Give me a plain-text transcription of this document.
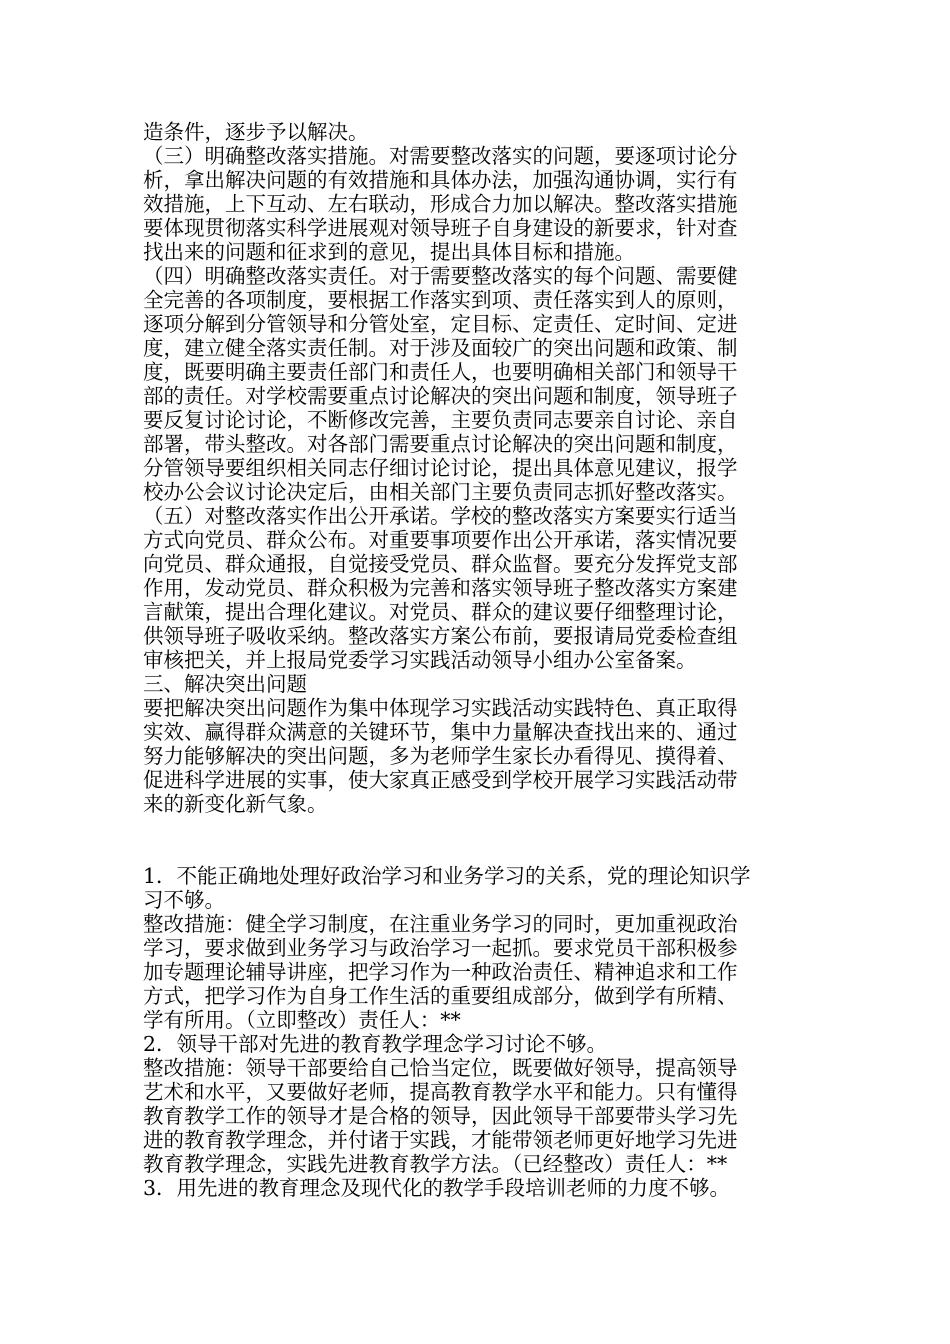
造条件，逐步予以解决。
（三）明确整改落实措施。对需要整改落实的问题，要逐项讨论分
析，拿出解决问题的有效措施和具体办法，加强沟通协调，实行有
效措施，上下互动、左右联动，形成合力加以解决。整改落实措施
要体现贯彻落实科学进展观对领导班子自身建设的新要求，针对查
找出来的问题和征求到的意见，提出具体目标和措施。
（四）明确整改落实责任。对于需要整改落实的每个问题、需要健
全完善的各项制度，要根据工作落实到项、责任落实到人的原则，
逐项分解到分管领导和分管处室，定目标、定责任、定时间、定进
度，建立健全落实责任制。对于涉及面较广的突出问题和政策、制
度，既要明确主要责任部门和责任人，也要明确相关部门和领导干
部的责任。对学校需要重点讨论解决的突出问题和制度，领导班子
要反复讨论讨论，不断修改完善，主要负责同志要亲自讨论、亲自
部署，带头整改。对各部门需要重点讨论解决的突出问题和制度，
分管领导要组织相关同志仔细讨论讨论，提出具体意见建议，报学
校办公会议讨论决定后，由相关部门主要负责同志抓好整改落实。
（五）对整改落实作出公开承诺。学校的整改落实方案要实行适当
方式向党员、群众公布。对重要事项要作出公开承诺，落实情况要
向党员、群众通报，自觉接受党员、群众监督。要充分发挥党支部
作用，发动党员、群众积极为完善和落实领导班子整改落实方案建
言献策，提出合理化建议。对党员、群众的建议要仔细整理讨论，
供领导班子吸收采纳。整改落实方案公布前，要报请局党委检查组
审核把关，并上报局党委学习实践活动领导小组办公室备案。
三、解决突出问题
要把解决突出问题作为集中体现学习实践活动实践特色、真正取得
实效、赢得群众满意的关键环节，集中力量解决查找出来的、通过
努力能够解决的突出问题，多为老师学生家长办看得见、摸得着、
促进科学进展的实事，使大家真正感受到学校开展学习实践活动带
来的新变化新气象。
1．不能正确地处理好政治学习和业务学习的关系，党的理论知识学
习不够。
整改措施：健全学习制度，在注重业务学习的同时，更加重视政治
学习，要求做到业务学习与政治学习一起抓。要求党员干部积极参
加专题理论辅导讲座，把学习作为一种政治责任、精神追求和工作
方式，把学习作为自身工作生活的重要组成部分，做到学有所精、
学有所用。（立即整改）责任人：**
2．领导干部对先进的教育教学理念学习讨论不够。
整改措施：领导干部要给自己恰当定位，既要做好领导，提高领导
艺术和水平，又要做好老师，提高教育教学水平和能力。只有懂得
教育教学工作的领导才是合格的领导，因此领导干部要带头学习先
进的教育教学理念，并付诸于实践，才能带领老师更好地学习先进
教育教学理念，实践先进教育教学方法。（已经整改）责任人：**
3．用先进的教育理念及现代化的教学手段培训老师的力度不够。
